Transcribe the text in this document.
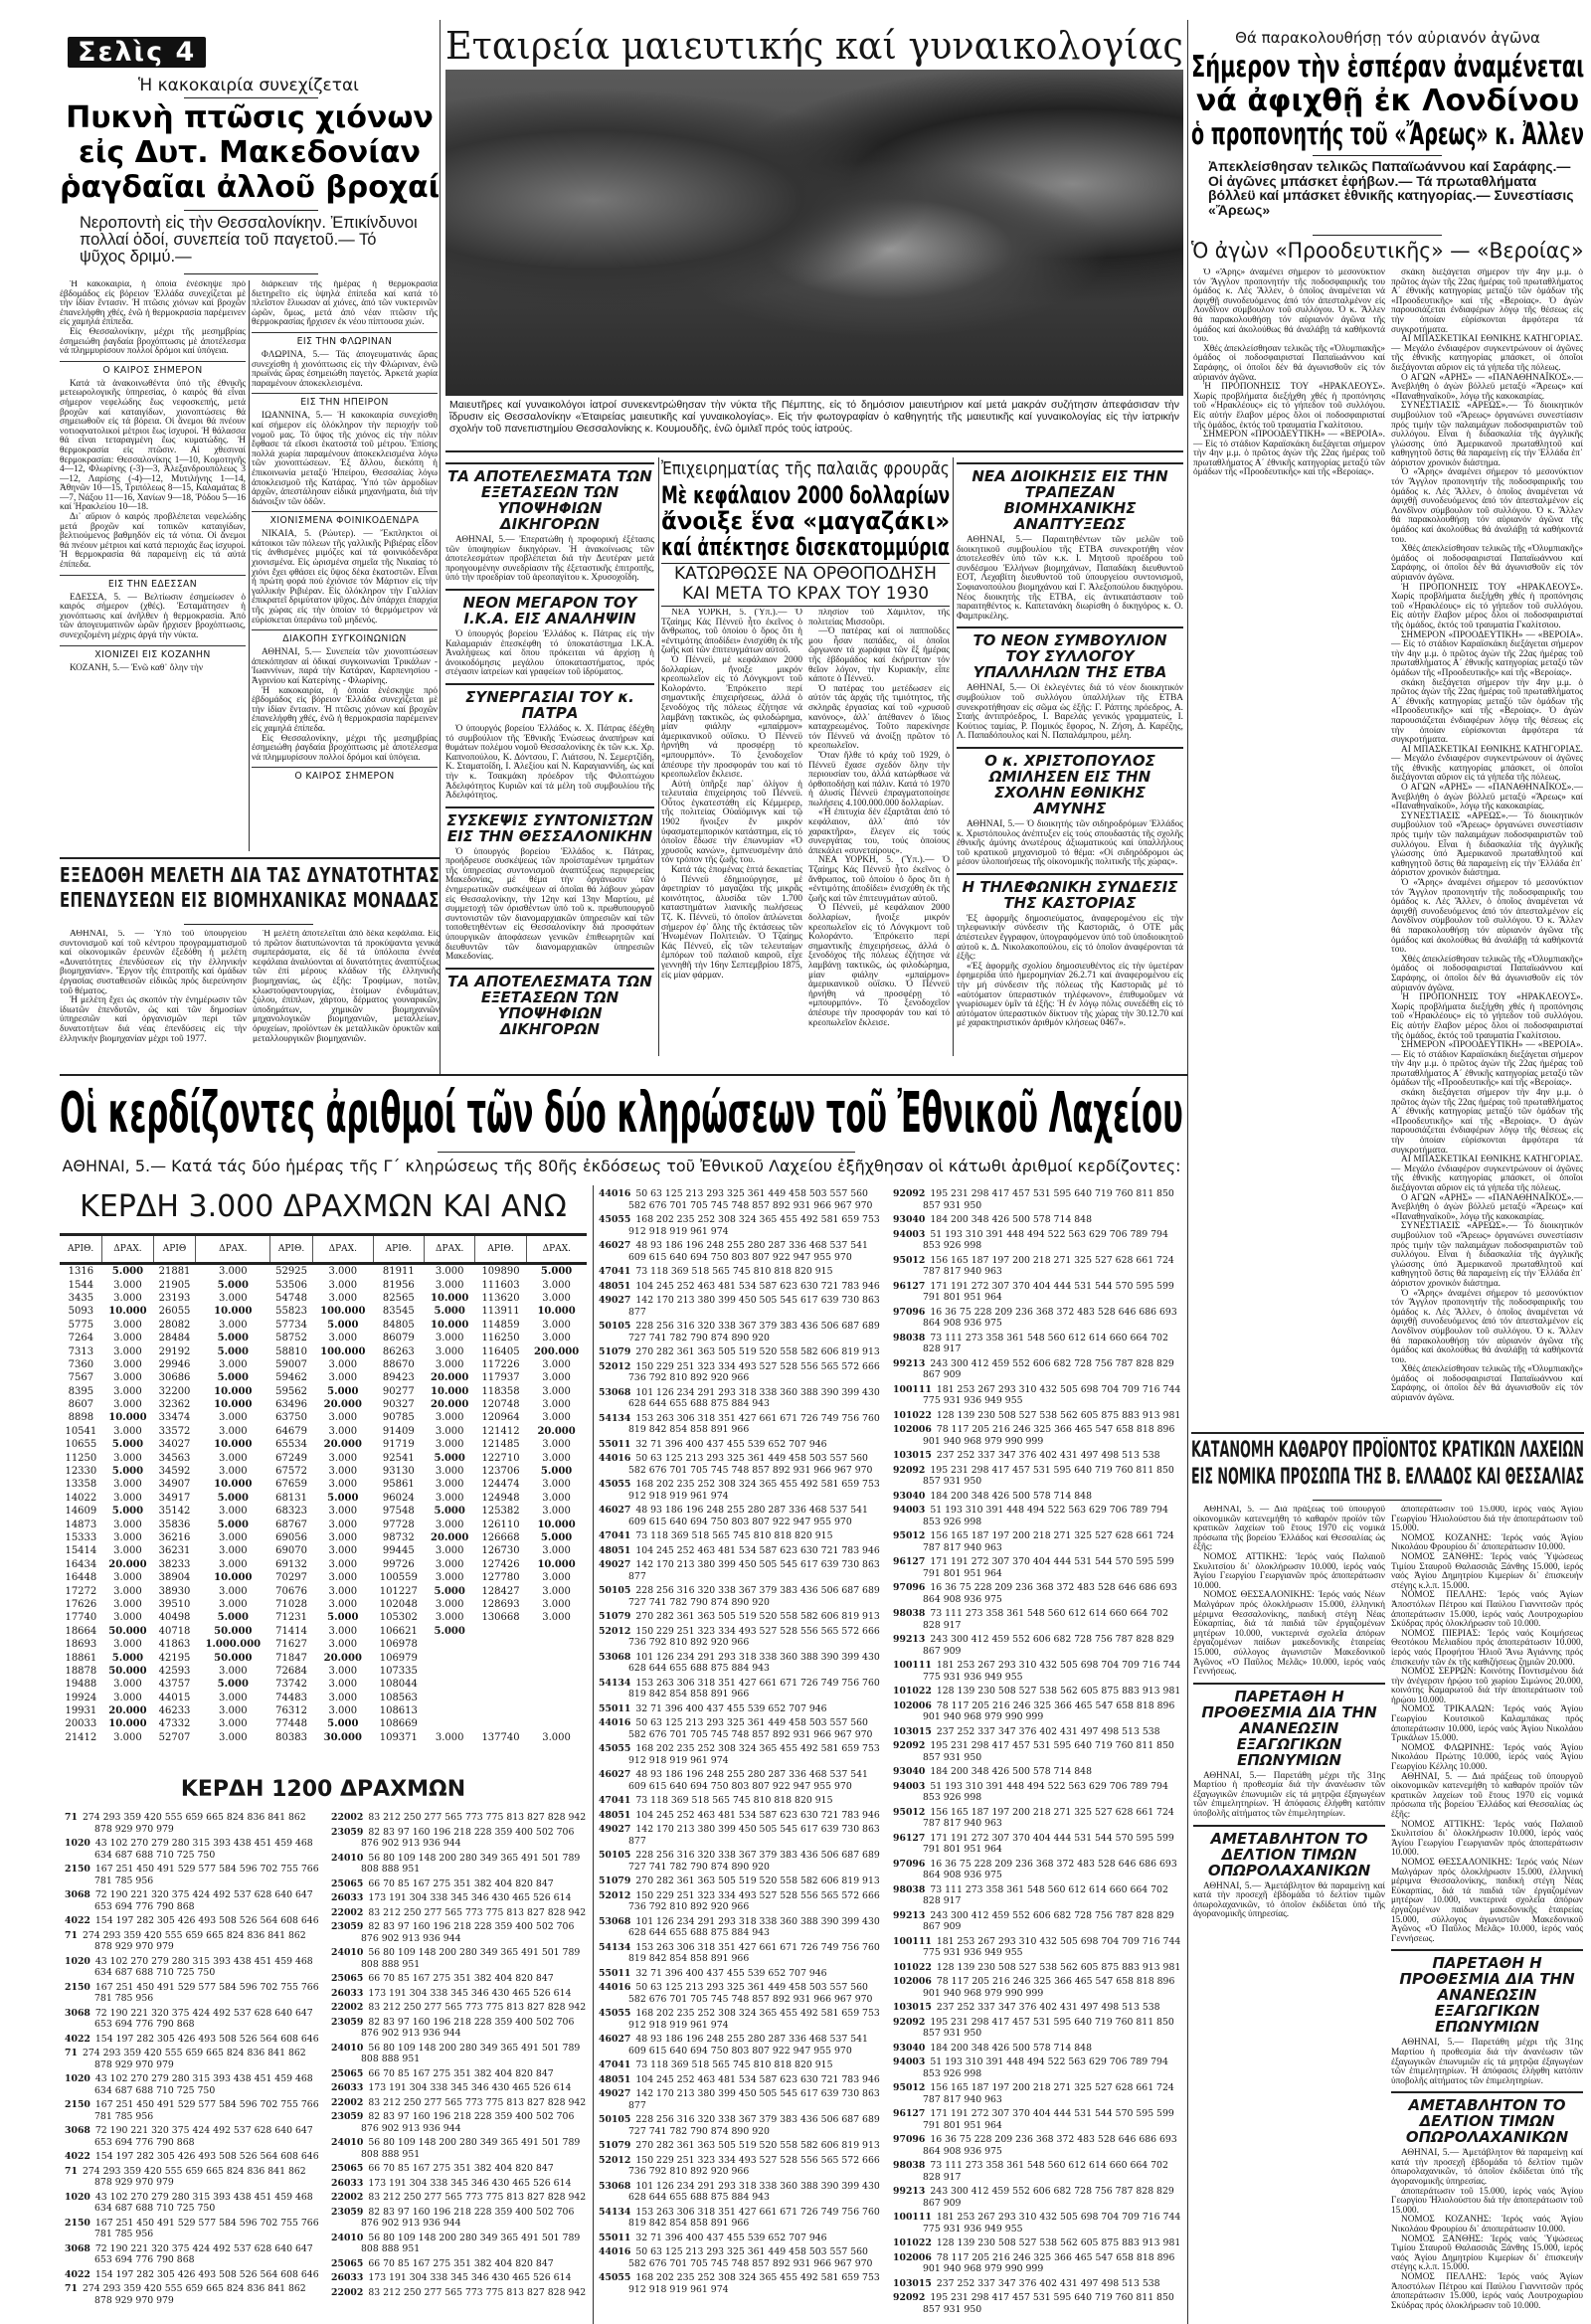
Σελὶς 4
Ἡ κακοκαιρία συνεχίζεται
Πυκνὴ πτῶσις χιόνων
εἰς Δυτ. Μακεδονίαν
ῥαγδαῖαι ἀλλοῦ βροχαί
Νεροποντὴ εἰς τὴν Θεσσαλονίκην. Ἐπικίνδυνοι πολλαί ὁδοί, συνεπεία τοῦ παγετοῦ.— Τό ψῦχος δριμύ.—

Ἡ κακοκαιρία, ἡ ὁποία ἐνέσκηψε πρό ἑβδομάδος εἰς βόρειον Ἑλλάδα συνεχίζεται μὲ τὴν ἰδίαν ἔντασιν. Ἡ πτῶσις χιόνων καί βροχῶν ἐπανελήφθη χθές, ἐνῶ ἡ θερμοκρασία παρέμεινεν εἰς χαμηλά ἐπίπεδα.

Εἰς Θεσσαλονίκην, μέχρι τῆς μεσημβρίας ἐσημειώθη ῥαγδαία βροχόπτωσις μὲ ἀποτέλεσμα νά πλημμυρίσουν πολλοί δρόμοι καί ὑπόγεια.

Ο ΚΑΙΡΟΣ ΣΗΜΕΡΟΝ

Κατά τὰ ἀνακοινωθέντα ὑπό τῆς ἐθνικῆς μετεωρολογικῆς ὑπηρεσίας, ὁ καιρός θά εἶναι σήμερον νεφελώδης ἕως νεφοσκεπής, μετά βροχῶν καί καταιγίδων, χιονοπτώσεις θά σημειωθοῦν εἰς τά βόρεια. Οἱ ἄνεμοι θά πνέουν νοτιοανατολικοί μέτριοι ἕως ἰσχυροί. Ἡ θάλασσα θά εἶναι τεταραγμένη ἕως κυματώδης. Ἡ θερμοκρασία εἰς πτῶσιν. Αἱ χθεσιναί θερμοκρασίαι: Θεσσαλονίκης 1—10, Κομοτηνῆς 4—12, Φλωρίνης (-3)—3, Ἀλεξανδρουπόλεως 3—12, Λαρίσης (-4)—12, Μυτιλήνης 1—14, Ἀθηνῶν 10—15, Τριπόλεως 8—15, Καλαμάτας 8—7, Νάξου 11—16, Χανίων 9—18, Ῥόδου 5—16 καί Ἡρακλείου 10—18.

Δι᾽ αὔριον ὁ καιρός προβλέπεται νεφελώδης μετά βροχῶν καί τοπικῶν καταιγίδων, βελτιούμενος βαθμηδόν εἰς τά νότια. Οἱ ἄνεμοι θά πνέουν μέτριοι καί κατά περιοχάς ἕως ἰσχυροί. Ἡ θερμοκρασία θά παραμείνῃ εἰς τά αὐτά ἐπίπεδα.

ΕΙΣ ΤΗΝ ΕΔΕΣΣΑΝ

ΕΔΕΣΣΑ, 5. — Βελτίωσιν ἐσημείωσεν ὁ καιρός σήμερον (χθές). Ἐσταμάτησεν ἡ χιονόπτωσις καί ἀνῆλθεν ἡ θερμοκρασία. Ἀπό τῶν ἀπογευματινῶν ὡρῶν ἤρχισεν βροχόπτωσις, συνεχιζομένη μέχρις ἀργά τὴν νύκτα.

ΧΙΟΝΙΖΕΙ ΕΙΣ ΚΟΖΑΝΗΝ

ΚΟΖΑΝΗ, 5.— Ἐνῶ καθ᾽ ὅλην τὴν

διάρκειαν τῆς ἡμέρας ἡ θερμοκρασία διετηρεῖτο εἰς ὑψηλά ἐπίπεδα καί κατά τό πλεῖστον ἔλυωσαν αἱ χιόνες, ἀπό τῶν νυκτερινῶν ὡρῶν, ὅμως, μετά ἀπό νέαν πτῶσιν τῆς θερμοκρασίας ἤρχισεν ἐκ νέου πίπτουσα χιών.

ΕΙΣ ΤΗΝ ΦΛΩΡΙΝΑΝ

ΦΛΩΡΙΝΑ, 5.— Τάς ἀπογευματινάς ὥρας συνεχίσθη ἡ χιονόπτωσις εἰς τὴν Φλώριναν, ἐνῶ πρωϊνάς ὥρας ἐσημειώθη παγετός. Ἀρκετά χωρία παραμένουν ἀποκεκλεισμένα.

ΕΙΣ ΤΗΝ ΗΠΕΙΡΟΝ

ΙΩΑΝΝΙΝΑ, 5.— Ἡ κακοκαιρία συνεχίσθη καί σήμερον εἰς ὁλόκληρον τὴν περιοχήν τοῦ νομοῦ μας. Τό ὕψος τῆς χιόνος εἰς τὴν πόλιν ἔφθασε τά εἴκοσι ἑκατοστά τοῦ μέτρου. Ἐπίσης πολλά χωρία παραμένουν ἀποκεκλεισμένα λόγω τῶν χιονοπτώσεων. Ἐξ ἄλλου, διεκόπη ἡ ἐπικοινωνία μεταξύ Ἠπείρου, Θεσσαλίας λόγω ἀποκλεισμοῦ τῆς Κατάρας. Ὑπό τῶν ἁρμοδίων ἀρχῶν, ἀπεστάλησαν εἰδικά μηχανήματα, διά τὴν διάνοιξιν τῶν ὁδῶν.

ΧΙΟΝΙΣΜΕΝΑ ΦΟΙΝΙΚΟΔΕΝΔΡΑ

ΝΙΚΑΙΑ, 5. (Ρώυτερ). — Ἔκπληκτοι οἱ κάτοικοι τῶν πόλεων τῆς γαλλικῆς Ριβιέρας εἶδον τίς ἀνθισμένες μιμόζες καί τά φοινικόδενδρα χιονισμένα. Εἰς ὡρισμένα σημεῖα τῆς Νικαίας τό χιόνι ἔχει φθάσει εἰς ὕψος δέκα ἑκατοστῶν. Εἶναι ἡ πρώτη φορά πού ἐχιόνισε τόν Μάρτιον εἰς τὴν γαλλικήν Ριβιέραν. Εἰς ὁλόκληρον τὴν Γαλλίαν ἐπικρατεῖ δριμύτατον ψῦχος. Δέν ὑπάρχει ἐπαρχία τῆς χώρας εἰς τὴν ὁποίαν τό θερμόμετρον νά εὑρίσκεται ὑπεράνω τοῦ μηδενός.

ΔΙΑΚΟΠΗ ΣΥΓΚΟΙΝΩΝΙΩΝ

ΑΘΗΝΑΙ, 5.— Συνεπεία τῶν χιονοπτώσεων ἀπεκόπησαν αἱ ὁδικαί συγκοινωνίαι Τρικάλων - Ἰωαννίνων, παρά τὴν Κατάραν, Καρπενησίου - Ἀγρινίου καί Κατερίνης - Φλωρίνης.

Ἡ κακοκαιρία, ἡ ὁποία ἐνέσκηψε πρό ἑβδομάδος εἰς βόρειον Ἑλλάδα συνεχίζεται μὲ τὴν ἰδίαν ἔντασιν. Ἡ πτῶσις χιόνων καί βροχῶν ἐπανελήφθη χθές, ἐνῶ ἡ θερμοκρασία παρέμεινεν εἰς χαμηλά ἐπίπεδα.

Εἰς Θεσσαλονίκην, μέχρι τῆς μεσημβρίας ἐσημειώθη ῥαγδαία βροχόπτωσις μὲ ἀποτέλεσμα νά πλημμυρίσουν πολλοί δρόμοι καί ὑπόγεια.

Ο ΚΑΙΡΟΣ ΣΗΜΕΡΟΝ
ΕΞΕΔΟΘΗ ΜΕΛΕΤΗ ΔΙΑ ΤΑΣ ΔΥΝΑΤΟΤΗΤΑΣ
ΕΠΕΝΔΥΣΕΩΝ ΕΙΣ ΒΙΟΜΗΧΑΝΙΚΑΣ ΜΟΝΑΔΑΣ

ΑΘΗΝΑΙ, 5. — Ὑπό τοῦ ὑπουργείου συντονισμοῦ καί τοῦ κέντρου προγραμματισμοῦ καί οἰκονομικῶν ἐρευνῶν ἐξεδόθη ἡ μελέτη «Δυνατότητες ἐπενδύσεων εἰς τὴν ἑλληνικήν βιομηχανίαν». Ἔργον τῆς ἐπιτροπῆς καί ὁμάδων ἐργασίας συσταθεισῶν εἰδικῶς πρός διερεύνησιν τοῦ θέματος.

Ἡ μελέτη ἔχει ὡς σκοπόν τὴν ἐνημέρωσιν τῶν ἰδιωτῶν ἐπενδυτῶν, ὡς καί τῶν δημοσίων ὑπηρεσιῶν καί ὀργανισμῶν περί τῶν δυνατοτήτων διά νέας ἐπενδύσεις εἰς τὴν ἑλληνικήν βιομηχανίαν μέχρι τοῦ 1977.

Ἡ μελέτη ἀποτελεῖται ἀπό δέκα κεφάλαια. Εἰς τό πρῶτον διατυπώνονται τά προκύψαντα γενικά συμπεράσματα, εἰς δέ τά ὑπόλοιπα ἐννέα κεφάλαια ἀναλύονται αἱ δυνατότητες ἀναπτύξεως τῶν ἐπί μέρους κλάδων τῆς ἑλληνικῆς βιομηχανίας, ὡς ἑξῆς: Τροφίμων, ποτῶν, κλωστοϋφαντουργίας, ἑτοίμων ἐνδυμάτων, ξύλου, ἐπίπλων, χάρτου, δέρματος γουναρικῶν, ὑποδημάτων, χημικῶν βιομηχανιῶν μηχανολογικῶν βιομηχανιῶν, μεταλλείων, ὀρυχείων, προϊόντων ἐκ μεταλλικῶν ὀρυκτῶν καί μεταλλουργικῶν βιομηχανιῶν.

Εταιρεία μαιευτικής καί γυναικολογίας
Μαιευτῆρες καί γυναικολόγοι ἰατροί συνεκεντρώθησαν τὴν νύκτα τῆς Πέμπτης, εἰς τό δημόσιον μαιευτήριον καί μετά μακράν συζήτησιν ἀπεφάσισαν τὴν ἵδρυσιν εἰς Θεσσαλονίκην «Ἑταιρείας μαιευτικῆς καί γυναικολογίας». Εἰς τήν φωτογραφίαν ὁ καθηγητής τῆς μαιευτικῆς καί γυναικολογίας εἰς τὴν ἰατρικήν σχολήν τοῦ πανεπιστημίου Θεσσαλονίκης κ. Κουμουδῆς, ἐνῶ ὁμιλεῖ πρός τούς ἰατρούς.
ΤΑ ΑΠΟΤΕΛΕΣΜΑΤΑ ΤΩΝ ΕΞΕΤΑΣΕΩΝ ΤΩΝ ΥΠΟΨΗΦΙΩΝ ΔΙΚΗΓΟΡΩΝ

ΑΘΗΝΑΙ, 5.— Ἐπερατώθη ἡ προφορική ἐξέτασις τῶν ὑποψηφίων δικηγόρων. Ἡ ἀνακοίνωσις τῶν ἀποτελεσμάτων προβλέπεται διά τὴν Δευτέραν μετά προηγουμένην συνεδρίασιν τῆς ἐξεταστικῆς ἐπιτροπῆς, ὑπό τὴν προεδρίαν τοῦ ἀρεοπαγίτου κ. Χρυσοχοΐδη.

ΝΕΟΝ ΜΕΓΑΡΟΝ ΤΟΥ Ι.Κ.Α. ΕΙΣ ΑΝΑΛΗΨΙΝ

Ὁ ὑπουργός βορείου Ἑλλάδος κ. Πάτρας εἰς τήν Καλαμαριάν ἐπεσκέφθη τό ὑποκατάστημα Ι.Κ.Α. Ἀναλήψεως καί ὅπου πρόκειται νά ἀρχίσῃ ἡ ἀνοικοδόμησις μεγάλου ὑποκαταστήματος, πρός στέγασιν ἰατρείων καί γραφείων τοῦ ἱδρύματος.

ΣΥΝΕΡΓΑΣΙΑΙ ΤΟΥ κ. ΠΑΤΡΑ

Ὁ ὑπουργός βορείου Ἑλλάδος κ. Χ. Πάτρας ἐδέχθη τό συμβούλιον τῆς Ἐθνικῆς Ἑνώσεως ἀναπήρων καί θυμάτων πολέμου νομοῦ Θεσσαλονίκης ἐκ τῶν κ.κ. Χρ. Καπνοπούλου, Κ. Δόντσου, Γ. Λιάτσου, Ν. Σεμερτζίδη, Κ. Σταματοΐδη, Ι. Ἀλεξίου καί Ν. Καραγιαννίδη, ὡς καί τὴν κ. Τσακμάκη πρόεδρον τῆς Φιλοπτώχου Ἀδελφότητος Κυριῶν καί τά μέλη τοῦ συμβουλίου τῆς Ἀδελφότητος.

ΣΥΣΚΕΨΙΣ ΣΥΝΤΟΝΙΣΤΩΝ ΕΙΣ ΤΗΝ ΘΕΣΣΑΛΟΝΙΚΗΝ

Ὁ ὑπουργός βορείου Ἑλλάδος κ. Πάτρας, προήδρευσε συσκέψεως τῶν προϊσταμένων τμημάτων τῆς ὑπηρεσίας συντονισμοῦ ἀναπτύξεως περιφερείας Μακεδονίας, μέ θέμα τὴν ὀργάνωσιν τῶν ἐνημερωτικῶν συσκέψεων αἱ ὁποῖαι θά λάβουν χώραν εἰς Θεσσαλονίκην, τὴν 12ην καί 13ην Μαρτίου, μέ συμμετοχή τῶν ὁρισθέντων ὑπό τοῦ κ. πρωθυπουργοῦ συντονιστῶν τῶν διανομαρχιακῶν ὑπηρεσιῶν καί τῶν τοποθετηθέντων εἰς Θεσσαλονίκην διά προσφάτων ὑπουργικῶν ἀποφάσεων γενικῶν ἐπιθεωρητῶν καί διευθυντῶν τῶν διανομαρχιακῶν ὑπηρεσιῶν Μακεδονίας.

ΤΑ ΑΠΟΤΕΛΕΣΜΑΤΑ ΤΩΝ ΕΞΕΤΑΣΕΩΝ ΤΩΝ ΥΠΟΨΗΦΙΩΝ ΔΙΚΗΓΟΡΩΝ
Ἐπιχειρηματίας τῆς παλαιᾶς φρουρᾶς
Μὲ κεφάλαιον 2000 δολλαρίων
ἄνοιξε ἕνα «μαγαζάκι»
καί ἀπέκτησε δισεκατομμύρια
ΚΑΤΩΡΘΩΣΕ ΝΑ ΟΡΘΟΠΟΔΗΣΗ
ΚΑΙ ΜΕΤΑ ΤΟ ΚΡΑΧ ΤΟΥ 1930

ΝΕΑ ΥΟΡΚΗ, 5. (Ὑπ.).— Ὁ Τζαίημς Κάς Πέννεϋ ἦτο ἐκεῖνος ὁ ἄνθρωπος, τοῦ ὁποίου ὁ ὅρος ὅτι ἡ «ἐντιμότης ἀποδίδει» ἐνισχύθη ἐκ τῆς ζωῆς καί τῶν ἐπιτευγμάτων αὐτοῦ.

Ὁ Πέννεϋ, μέ κεφάλαιον 2000 δολλαρίων, ἤνοιξε μικρόν κρεοπωλεῖον εἰς τό Λόνγκμοντ τοῦ Κολοράντο. Ἐπρόκειτο περί σημαντικῆς ἐπιχειρήσεως, ἀλλά ὁ ξενοδόχος τῆς πόλεως ἐζήτησε νά λαμβάνῃ τακτικῶς, ὡς φιλοδώρημα, μίαν φιάλην «μπαίρμον» ἀμερικανικοῦ οὐΐσκυ. Ὁ Πέννεϋ ἠρνήθη νά προσφέρῃ τό «μπουρμπόν». Τό ξενοδοχεῖον ἀπέσυρε τὴν προσφοράν του καί τό κρεοπωλεῖον ἔκλεισε.

Αὐτή ὑπῆρξε παρ᾽ ὀλίγον ἡ τελευταία ἐπιχείρησις τοῦ Πέννεϋ. Οὗτος ἐγκατεστάθη εἰς Κέμμερερ, τῆς πολιτείας Οὐαϊόμινγκ καί τῷ 1902 ἤνοιξεν ἕν μικρόν ὑφασματεμπορικόν κατάστημα, εἰς τό ὁποῖον ἔδωσε τὴν ἐπωνυμίαν «Ὁ χρυσοῦς κανών», ἐμπνευσμένην ἀπό τόν τρόπον τῆς ζωῆς του.

Κατά τάς ἑπομένας ἑπτά δεκαετίας ὁ Πέννεϋ ἐδημιούργησε, μέ ἀφετηρίαν τό μαγαζάκι τῆς μικρᾶς κοινότητος, ἁλυσίδα τῶν 1.700 καταστημάτων λιανικῆς πωλήσεως Τζ. Κ. Πέννεϋ, τό ὁποῖον ἁπλώνεται σήμερον ἐφ᾽ ὅλης τῆς ἐκτάσεως τῶν Ἡνωμένων Πολιτειῶν. Ὁ Τζαίημς Κάς Πέννεϋ, εἷς τῶν τελευταίων ἐμπόρων τοῦ παλαιοῦ καιροῦ, εἶχε γεννηθῆ τὴν 16ην Σεπτεμβρίου 1875, εἰς μίαν φάρμαν.

πλησίον τοῦ Χάμιλτον, τῆς πολιτείας Μισσοῦρι.

—Ὁ πατέρας καί οἱ παπποῦδες μου ἦσαν παπάδες, οἱ ὁποῖοι ὤργωναν τά χωράφια τῶν ἕξ ἡμέρας τῆς ἑβδομάδος καί ἐκήρυτταν τόν θεῖον λόγον, τὴν Κυριακήν, εἶπε κάποτε ὁ Πέννεϋ.

Ὁ πατέρας του μετέδωσεν εἰς αὐτόν τάς ἀρχάς τῆς τιμιότητος, τῆς σκληρᾶς ἐργασίας καί τοῦ «χρυσοῦ κανόνος», ἀλλ᾽ ἀπέθανεν ὁ ἴδιος καταχρεωμένος. Τοῦτο παρεκίνησε τόν Πέννεϋ νά ἀνοίξῃ πρῶτον τό κρεοπωλεῖον.

Ὅταν ἤλθε τό κράχ τοῦ 1929, ὁ Πέννεϋ ἔχασε σχεδόν ὅλην τὴν περιουσίαν του, ἀλλά κατώρθωσε νά ὀρθοποδήσῃ καί πάλιν. Κατά τό 1970 ἡ ἁλυσίς Πέννεϋ ἐπραγματοποίησε πωλήσεις 4.100.000.000 δολλαρίων.

«Ἡ ἐπιτυχία δέν ἐξαρτᾶται ἀπό τό κεφάλαιον, ἀλλ᾽ ἀπό τόν χαρακτῆρα», ἔλεγεν εἰς τούς συνεργάτας του, τούς ὁποίους ἀπεκάλει «συνεταίρους».

ΝΕΑ ΥΟΡΚΗ, 5. (Ὑπ.).— Ὁ Τζαίημς Κάς Πέννεϋ ἦτο ἐκεῖνος ὁ ἄνθρωπος, τοῦ ὁποίου ὁ ὅρος ὅτι ἡ «ἐντιμότης ἀποδίδει» ἐνισχύθη ἐκ τῆς ζωῆς καί τῶν ἐπιτευγμάτων αὐτοῦ.

Ὁ Πέννεϋ, μέ κεφάλαιον 2000 δολλαρίων, ἤνοιξε μικρόν κρεοπωλεῖον εἰς τό Λόνγκμοντ τοῦ Κολοράντο. Ἐπρόκειτο περί σημαντικῆς ἐπιχειρήσεως, ἀλλά ὁ ξενοδόχος τῆς πόλεως ἐζήτησε νά λαμβάνῃ τακτικῶς, ὡς φιλοδώρημα, μίαν φιάλην «μπαίρμον» ἀμερικανικοῦ οὐΐσκυ. Ὁ Πέννεϋ ἠρνήθη νά προσφέρῃ τό «μπουρμπόν». Τό ξενοδοχεῖον ἀπέσυρε τὴν προσφοράν του καί τό κρεοπωλεῖον ἔκλεισε.

ΝΕΑ ΔΙΟΙΚΗΣΙΣ ΕΙΣ ΤΗΝ ΤΡΑΠΕΖΑΝ ΒΙΟΜΗΧΑΝΙΚΗΣ ΑΝΑΠΤΥΞΕΩΣ

ΑΘΗΝΑΙ, 5.— Παραιτηθέντων τῶν μελῶν τοῦ διοικητικοῦ συμβουλίου τῆς ΕΤΒΑ συνεκροτήθη νέον ἀποτελεσθέν ὑπό τῶν κ.κ. Ι. Μητσοῦ προέδρου τοῦ συνδέσμου Ἑλλήνων βιομηχάνων, Παπαδάκη διευθυντοῦ ΕΟΤ, Λεχαβίτη διευθυντοῦ τοῦ ὑπουργείου συντονισμοῦ, Σοφιανοπούλου βιομηχάνου καί Γ. Ἀλεξοπούλου δικηγόρου. Νέος διοικητής τῆς ΕΤΒΑ, εἰς ἀντικατάστασιν τοῦ παραιτηθέντος κ. Καπετανάκη διωρίσθη ὁ δικηγόρος κ. Ο. Φαμπρικέλης.

ΤΟ ΝΕΟΝ ΣΥΜΒΟΥΛΙΟΝ ΤΟΥ ΣΥΛΛΟΓΟΥ ΥΠΑΛΛΗΛΩΝ ΤΗΣ ΕΤΒΑ

ΑΘΗΝΑΙ, 5.— Οἱ ἐκλεγέντες διά τό νέον διοικητικόν συμβούλιον τοῦ συλλόγου ὑπαλλήλων τῆς ΕΤΒΑ συνεκροτήθησαν εἰς σῶμα ὡς ἑξῆς: Γ. Ράπτης πρόεδρος, Α. Σταής ἀντιπρόεδρος, Ι. Βαρελάς γενικός γραμματεύς, Ι. Κούτιος ταμίας, Ρ. Πομικός ἔφορος, Ν. Ζήση, Δ. Καρέζης, Λ. Παπαδόπουλος καί Ν. Παπαλάμπρου, μέλη.

Ο κ. ΧΡΙΣΤΟΠΟΥΛΟΣ ΩΜΙΛΗΣΕΝ ΕΙΣ ΤΗΝ ΣΧΟΛΗΝ ΕΘΝΙΚΗΣ ΑΜΥΝΗΣ

ΑΘΗΝΑΙ, 5.— Ὁ διοικητής τῶν σιδηροδρόμων Ἑλλάδος κ. Χριστόπουλος ἀνέπτυξεν εἰς τούς σπουδαστάς τῆς σχολῆς ἐθνικῆς ἀμύνης ἀνωτέρους ἀξιωματικούς καί ὑπαλλήλους τοῦ κρατικοῦ μηχανισμοῦ τό θέμα: «Οἱ σιδηρόδρομοι ὡς μέσον ὑλοποιήσεως τῆς οἰκονομικῆς πολιτικῆς τῆς χώρας».

Η ΤΗΛΕΦΩΝΙΚΗ ΣΥΝΔΕΣΙΣ ΤΗΣ ΚΑΣΤΟΡΙΑΣ

Ἐξ ἀφορμῆς δημοσιεύματος, ἀναφερομένου εἰς τὴν τηλεφωνικήν σύνδεσιν τῆς Καστοριᾶς, ὁ ΟΤΕ μᾶς ἀπέστειλεν ἔγγραφον, ὑπογραφόμενον ὑπό τοῦ ὑποδιοικητοῦ αὐτοῦ κ. Δ. Νικολακοπούλου, εἰς τό ὁποῖον ἀναφέρονται τά ἑξῆς:

«Ἐξ ἀφορμῆς σχολίου δημοσιευθέντος εἰς τὴν ὑμετέραν ἐφημερίδα ὑπό ἡμερομηνίαν 26.2.71 καί ἀναφερομένου εἰς τὴν μή σύνδεσιν τῆς πόλεως τῆς Καστοριᾶς μέ τό «αὐτόματον ὑπεραστικόν τηλέφωνον», ἐπιθυμοῦμεν νά γνωρίσωμεν ὑμῖν τά ἑξῆς: Ἡ ἐν λόγῳ πόλις συνεδέθη εἰς τό αὐτόματον ὑπεραστικόν δίκτυον τῆς χώρας τὴν 30.12.70 καί μέ χαρακτηριστικόν ἀριθμόν κλήσεως 0467».

Θά παρακολουθήσῃ τόν αὐριανόν ἀγῶνα
Σήμερον τὴν ἑσπέραν ἀναμένεται
νά ἀφιχθῇ ἐκ Λονδίνου
ὁ προπονητής τοῦ «Ἄρεως» κ. Ἀλλεν
Ἀπεκλείσθησαν τελικῶς Παπαϊωάννου καί Σαράφης.— Οἱ ἀγῶνες μπάσκετ ἐφήβων.— Τά πρωταθλήματα βόλλεϋ καί μπάσκετ ἐθνικῆς κατηγορίας.— Συνεστίασις «Ἄρεως»
Ὁ ἀγὼν «Προοδευτικῆς» — «Βεροίας»

Ὁ «Ἄρης» ἀναμένει σήμερον τό μεσονύκτιον τόν Ἄγγλον προπονητήν τῆς ποδοσφαιρικῆς του ὁμάδος κ. Λές Ἄλλεν, ὁ ὁποῖος ἀναμένεται νά ἀφιχθῇ συνοδευόμενος ἀπό τόν ἀπεσταλμένον εἰς Λονδῖνον σύμβουλον τοῦ συλλόγου. Ὁ κ. Ἄλλεν θά παρακολουθήσῃ τόν αὐριανόν ἀγῶνα τῆς ὁμάδος καί ἀκολούθως θά ἀναλάβῃ τά καθήκοντά του.

Χθές ἀπεκλείσθησαν τελικῶς τῆς «Ὀλυμπιακῆς» ὁμάδος οἱ ποδοσφαιρισταί Παπαϊωάννου καί Σαράφης, οἱ ὁποῖοι δέν θά ἀγωνισθοῦν εἰς τόν αὐριανόν ἀγῶνα.

Ἡ ΠΡΟΠΟΝΗΣΙΣ ΤΟΥ «ΗΡΑΚΛΕΟΥΣ». Χωρίς προβλήματα διεξήχθη χθές ἡ προπόνησις τοῦ «Ἡρακλέους» εἰς τό γήπεδον τοῦ συλλόγου. Εἰς αὐτήν ἔλαβον μέρος ὅλοι οἱ ποδοσφαιρισταί τῆς ὁμάδος, ἐκτός τοῦ τραυματία Γκαλίτσιου.

ΣΗΜΕΡΟΝ «ΠΡΟΟΔΕΥΤΙΚΗ» — «ΒΕΡΟΙΑ».— Εἰς τό στάδιον Καραϊσκάκη διεξάγεται σήμερον τὴν 4ην μ.μ. ὁ πρῶτος ἀγὼν τῆς 22ας ἡμέρας τοῦ πρωταθλήματος Α΄ ἐθνικῆς κατηγορίας μεταξύ τῶν ὁμάδων τῆς «Προοδευτικῆς» καί τῆς «Βεροίας».

σκάκη διεξάγεται σήμερον τὴν 4ην μ.μ. ὁ πρῶτος ἀγὼν τῆς 22ας ἡμέρας τοῦ πρωταθλήματος Α΄ ἐθνικῆς κατηγορίας μεταξύ τῶν ὁμάδων τῆς «Προοδευτικῆς» καί τῆς «Βεροίας». Ὁ ἀγὼν παρουσιάζεται ἐνδιαφέρων λόγῳ τῆς θέσεως εἰς τὴν ὁποίαν εὑρίσκονται ἀμφότερα τά συγκροτήματα.

ΑΙ ΜΠΑΣΚΕΤΙΚΑΙ ΕΘΝΙΚΗΣ ΚΑΤΗΓΟΡΙΑΣ.— Μεγάλο ἐνδιαφέρον συγκεντρώνουν οἱ ἀγῶνες τῆς ἐθνικῆς κατηγορίας μπάσκετ, οἱ ὁποῖοι διεξάγονται αὔριον εἰς τά γήπεδα τῆς πόλεως.

Ο ΑΓΩΝ «ΑΡΗΣ» — «ΠΑΝΑΘΗΝΑΪΚΟΣ».— Ἀνεβλήθη ὁ ἀγὼν βόλλεϋ μεταξύ «Ἄρεως» καί «Παναθηναϊκοῦ», λόγῳ τῆς κακοκαιρίας.

ΣΥΝΕΣΤΙΑΣΙΣ «ΑΡΕΩΣ».— Τό διοικητικόν συμβούλιον τοῦ «Ἄρεως» ὀργανώνει συνεστίασιν πρός τιμήν τῶν παλαιμάχων ποδοσφαιριστῶν τοῦ συλλόγου. Εἶναι ἡ διδασκαλία τῆς ἀγγλικῆς γλώσσης ὑπό Ἀμερικανοῦ πρωταθλητοῦ καί καθηγητοῦ ὅστις θά παραμείνῃ εἰς τὴν Ἑλλάδα ἐπ᾽ ἀόριστον χρονικόν διάστημα.

Ὁ «Ἄρης» ἀναμένει σήμερον τό μεσονύκτιον τόν Ἄγγλον προπονητήν τῆς ποδοσφαιρικῆς του ὁμάδος κ. Λές Ἄλλεν, ὁ ὁποῖος ἀναμένεται νά ἀφιχθῇ συνοδευόμενος ἀπό τόν ἀπεσταλμένον εἰς Λονδῖνον σύμβουλον τοῦ συλλόγου. Ὁ κ. Ἄλλεν θά παρακολουθήσῃ τόν αὐριανόν ἀγῶνα τῆς ὁμάδος καί ἀκολούθως θά ἀναλάβῃ τά καθήκοντά του.

Χθές ἀπεκλείσθησαν τελικῶς τῆς «Ὀλυμπιακῆς» ὁμάδος οἱ ποδοσφαιρισταί Παπαϊωάννου καί Σαράφης, οἱ ὁποῖοι δέν θά ἀγωνισθοῦν εἰς τόν αὐριανόν ἀγῶνα.

Ἡ ΠΡΟΠΟΝΗΣΙΣ ΤΟΥ «ΗΡΑΚΛΕΟΥΣ». Χωρίς προβλήματα διεξήχθη χθές ἡ προπόνησις τοῦ «Ἡρακλέους» εἰς τό γήπεδον τοῦ συλλόγου. Εἰς αὐτήν ἔλαβον μέρος ὅλοι οἱ ποδοσφαιρισταί τῆς ὁμάδος, ἐκτός τοῦ τραυματία Γκαλίτσιου.

ΣΗΜΕΡΟΝ «ΠΡΟΟΔΕΥΤΙΚΗ» — «ΒΕΡΟΙΑ».— Εἰς τό στάδιον Καραϊσκάκη διεξάγεται σήμερον τὴν 4ην μ.μ. ὁ πρῶτος ἀγὼν τῆς 22ας ἡμέρας τοῦ πρωταθλήματος Α΄ ἐθνικῆς κατηγορίας μεταξύ τῶν ὁμάδων τῆς «Προοδευτικῆς» καί τῆς «Βεροίας».

σκάκη διεξάγεται σήμερον τὴν 4ην μ.μ. ὁ πρῶτος ἀγὼν τῆς 22ας ἡμέρας τοῦ πρωταθλήματος Α΄ ἐθνικῆς κατηγορίας μεταξύ τῶν ὁμάδων τῆς «Προοδευτικῆς» καί τῆς «Βεροίας». Ὁ ἀγὼν παρουσιάζεται ἐνδιαφέρων λόγῳ τῆς θέσεως εἰς τὴν ὁποίαν εὑρίσκονται ἀμφότερα τά συγκροτήματα.

ΑΙ ΜΠΑΣΚΕΤΙΚΑΙ ΕΘΝΙΚΗΣ ΚΑΤΗΓΟΡΙΑΣ.— Μεγάλο ἐνδιαφέρον συγκεντρώνουν οἱ ἀγῶνες τῆς ἐθνικῆς κατηγορίας μπάσκετ, οἱ ὁποῖοι διεξάγονται αὔριον εἰς τά γήπεδα τῆς πόλεως.

Ο ΑΓΩΝ «ΑΡΗΣ» — «ΠΑΝΑΘΗΝΑΪΚΟΣ».— Ἀνεβλήθη ὁ ἀγὼν βόλλεϋ μεταξύ «Ἄρεως» καί «Παναθηναϊκοῦ», λόγῳ τῆς κακοκαιρίας.

ΣΥΝΕΣΤΙΑΣΙΣ «ΑΡΕΩΣ».— Τό διοικητικόν συμβούλιον τοῦ «Ἄρεως» ὀργανώνει συνεστίασιν πρός τιμήν τῶν παλαιμάχων ποδοσφαιριστῶν τοῦ συλλόγου. Εἶναι ἡ διδασκαλία τῆς ἀγγλικῆς γλώσσης ὑπό Ἀμερικανοῦ πρωταθλητοῦ καί καθηγητοῦ ὅστις θά παραμείνῃ εἰς τὴν Ἑλλάδα ἐπ᾽ ἀόριστον χρονικόν διάστημα.

Ὁ «Ἄρης» ἀναμένει σήμερον τό μεσονύκτιον τόν Ἄγγλον προπονητήν τῆς ποδοσφαιρικῆς του ὁμάδος κ. Λές Ἄλλεν, ὁ ὁποῖος ἀναμένεται νά ἀφιχθῇ συνοδευόμενος ἀπό τόν ἀπεσταλμένον εἰς Λονδῖνον σύμβουλον τοῦ συλλόγου. Ὁ κ. Ἄλλεν θά παρακολουθήσῃ τόν αὐριανόν ἀγῶνα τῆς ὁμάδος καί ἀκολούθως θά ἀναλάβῃ τά καθήκοντά του.

Χθές ἀπεκλείσθησαν τελικῶς τῆς «Ὀλυμπιακῆς» ὁμάδος οἱ ποδοσφαιρισταί Παπαϊωάννου καί Σαράφης, οἱ ὁποῖοι δέν θά ἀγωνισθοῦν εἰς τόν αὐριανόν ἀγῶνα.

Ἡ ΠΡΟΠΟΝΗΣΙΣ ΤΟΥ «ΗΡΑΚΛΕΟΥΣ». Χωρίς προβλήματα διεξήχθη χθές ἡ προπόνησις τοῦ «Ἡρακλέους» εἰς τό γήπεδον τοῦ συλλόγου. Εἰς αὐτήν ἔλαβον μέρος ὅλοι οἱ ποδοσφαιρισταί τῆς ὁμάδος, ἐκτός τοῦ τραυματία Γκαλίτσιου.

ΣΗΜΕΡΟΝ «ΠΡΟΟΔΕΥΤΙΚΗ» — «ΒΕΡΟΙΑ».— Εἰς τό στάδιον Καραϊσκάκη διεξάγεται σήμερον τὴν 4ην μ.μ. ὁ πρῶτος ἀγὼν τῆς 22ας ἡμέρας τοῦ πρωταθλήματος Α΄ ἐθνικῆς κατηγορίας μεταξύ τῶν ὁμάδων τῆς «Προοδευτικῆς» καί τῆς «Βεροίας».

σκάκη διεξάγεται σήμερον τὴν 4ην μ.μ. ὁ πρῶτος ἀγὼν τῆς 22ας ἡμέρας τοῦ πρωταθλήματος Α΄ ἐθνικῆς κατηγορίας μεταξύ τῶν ὁμάδων τῆς «Προοδευτικῆς» καί τῆς «Βεροίας». Ὁ ἀγὼν παρουσιάζεται ἐνδιαφέρων λόγῳ τῆς θέσεως εἰς τὴν ὁποίαν εὑρίσκονται ἀμφότερα τά συγκροτήματα.

ΑΙ ΜΠΑΣΚΕΤΙΚΑΙ ΕΘΝΙΚΗΣ ΚΑΤΗΓΟΡΙΑΣ.— Μεγάλο ἐνδιαφέρον συγκεντρώνουν οἱ ἀγῶνες τῆς ἐθνικῆς κατηγορίας μπάσκετ, οἱ ὁποῖοι διεξάγονται αὔριον εἰς τά γήπεδα τῆς πόλεως.

Ο ΑΓΩΝ «ΑΡΗΣ» — «ΠΑΝΑΘΗΝΑΪΚΟΣ».— Ἀνεβλήθη ὁ ἀγὼν βόλλεϋ μεταξύ «Ἄρεως» καί «Παναθηναϊκοῦ», λόγῳ τῆς κακοκαιρίας.

ΣΥΝΕΣΤΙΑΣΙΣ «ΑΡΕΩΣ».— Τό διοικητικόν συμβούλιον τοῦ «Ἄρεως» ὀργανώνει συνεστίασιν πρός τιμήν τῶν παλαιμάχων ποδοσφαιριστῶν τοῦ συλλόγου. Εἶναι ἡ διδασκαλία τῆς ἀγγλικῆς γλώσσης ὑπό Ἀμερικανοῦ πρωταθλητοῦ καί καθηγητοῦ ὅστις θά παραμείνῃ εἰς τὴν Ἑλλάδα ἐπ᾽ ἀόριστον χρονικόν διάστημα.

Ὁ «Ἄρης» ἀναμένει σήμερον τό μεσονύκτιον τόν Ἄγγλον προπονητήν τῆς ποδοσφαιρικῆς του ὁμάδος κ. Λές Ἄλλεν, ὁ ὁποῖος ἀναμένεται νά ἀφιχθῇ συνοδευόμενος ἀπό τόν ἀπεσταλμένον εἰς Λονδῖνον σύμβουλον τοῦ συλλόγου. Ὁ κ. Ἄλλεν θά παρακολουθήσῃ τόν αὐριανόν ἀγῶνα τῆς ὁμάδος καί ἀκολούθως θά ἀναλάβῃ τά καθήκοντά του.

Χθές ἀπεκλείσθησαν τελικῶς τῆς «Ὀλυμπιακῆς» ὁμάδος οἱ ποδοσφαιρισταί Παπαϊωάννου καί Σαράφης, οἱ ὁποῖοι δέν θά ἀγωνισθοῦν εἰς τόν αὐριανόν ἀγῶνα.

ΚΑΤΑΝΟΜΗ ΚΑΘΑΡΟΥ ΠΡΟΪΟΝΤΟΣ ΚΡΑΤΙΚΩΝ ΛΑΧΕΙΩΝ
ΕΙΣ ΝΟΜΙΚΑ ΠΡΟΣΩΠΑ ΤΗΣ Β. ΕΛΛΑΔΟΣ ΚΑΙ ΘΕΣΣΑΛΙΑΣ

ΑΘΗΝΑΙ, 5. — Διά πράξεως τοῦ ὑπουργοῦ οἰκονομικῶν κατενεμήθη τό καθαρόν προϊόν τῶν κρατικῶν λαχείων τοῦ ἔτους 1970 εἰς νομικά πρόσωπα τῆς βορείου Ἑλλάδος καί Θεσσαλίας ὡς ἑξῆς:

ΝΟΜΟΣ ΑΤΤΙΚΗΣ: Ἱερός ναός Παλαιοῦ Σκυλιτσίου δι᾽ ὁλοκλήρωσιν 10.000, ἱερός ναός Ἁγίου Γεωργίου Γεωργιανῶν πρός ἀποπεράτωσιν 10.000.

ΝΟΜΟΣ ΘΕΣΣΑΛΟΝΙΚΗΣ: Ἱερός ναός Νέων Μαλγάρων πρός ὁλοκλήρωσιν 15.000, ἑλληνική μέριμνα Θεσσαλονίκης, παιδική στέγη Νέας Εὐκαρπίας, διά τά παιδιά τῶν ἐργαζομένων μητέρων 10.000, νυκτερινά σχολεῖα ἀπόρων ἐργαζομένων παίδων μακεδονικῆς ἑταιρείας 15.000, σύλλογος ἀγωνιστῶν Μακεδονικοῦ Ἀγῶνος «Ὁ Παῦλος Μελᾶς» 10.000, ἱερός ναός Γεννήσεως.

ΠΑΡΕΤΑΘΗ Η ΠΡΟΘΕΣΜΙΑ ΔΙΑ ΤΗΝ ΑΝΑΝΕΩΣΙΝ ΕΞΑΓΩΓΙΚΩΝ ΕΠΩΝΥΜΙΩΝ

ΑΘΗΝΑΙ, 5.— Παρετάθη μέχρι τῆς 31ης Μαρτίου ἡ προθεσμία διά τὴν ἀνανέωσιν τῶν ἐξαγωγικῶν ἐπωνυμιῶν εἰς τά μητρῷα ἐξαγωγέων τῶν ἐπιμελητηρίων. Ἡ ἀπόφασις ἐλήφθη κατόπιν ὑποβολῆς αἰτήματος τῶν ἐπιμελητηρίων.

ΑΜΕΤΑΒΛΗΤΟΝ ΤΟ ΔΕΛΤΙΟΝ ΤΙΜΩΝ ΟΠΩΡΟΛΑΧΑΝΙΚΩΝ

ΑΘΗΝΑΙ, 5.— Ἀμετάβλητον θά παραμείνῃ καί κατά τὴν προσεχῆ ἑβδομάδα τό δελτίον τιμῶν ὀπωρολαχανικῶν, τό ὁποῖον ἐκδίδεται ὑπό τῆς ἀγορανομικῆς ὑπηρεσίας.

ἀποπεράτωσιν τοῦ 15.000, ἱερός ναός Ἁγίου Γεωργίου Ἡλιολούστου διά τὴν ἀποπεράτωσιν τοῦ 15.000.

ΝΟΜΟΣ ΚΟΖΑΝΗΣ: Ἱερός ναός Ἁγίου Νικολάου Φρουρίου δι᾽ ἀποπεράτωσιν 10.000.

ΝΟΜΟΣ ΞΑΝΘΗΣ: Ἱερός ναός Ὑψώσεως Τιμίου Σταυροῦ Θαλασσιᾶς Ξάνθης 15.000, ἱερός ναός Ἁγίου Δημητρίου Κιμερίων δι᾽ ἐπισκευήν στέγης κ.λ.π. 15.000.

ΝΟΜΟΣ ΠΕΛΛΗΣ: Ἱερός ναός Ἁγίων Ἀποστόλων Πέτρου καί Παύλου Γιαννιτσῶν πρός ἀποπεράτωσιν 15.000, ἱερός ναός Λουτροχωρίου Σκύδρας πρός ὁλοκλήρωσιν τοῦ 10.000.

ΝΟΜΟΣ ΠΙΕΡΙΑΣ: Ἱερός ναός Κοιμήσεως Θεοτόκου Μελιαδίου πρός ἀποπεράτωσιν 10.000, ἱερός ναός Προφήτου Ἡλιοῦ Ἄνω Ἀγιάννης πρός ἐπισκευήν τῶν ἐκ τῆς καθιζήσεως ζημιῶν 20.000.

ΝΟΜΟΣ ΣΕΡΡΩΝ: Κοινότης Ποντισμένου διά τὴν ἀνέγερσιν ἡρῴου τοῦ χωρίου Σιμώνος 20.000, κοινότης Καμαρωτοῦ διά τὴν ἀποπεράτωσιν τοῦ ἡρῴου 10.000.

ΝΟΜΟΣ ΤΡΙΚΑΛΩΝ: Ἱερός ναός Ἁγίου Γεωργίου Κουτσικοῦ Καλαμπάκας πρός ἀποπεράτωσιν 10.000, ἱερός ναός Ἁγίου Νικολάου Τρικάλων 15.000.

ΝΟΜΟΣ ΦΛΩΡΙΝΗΣ: Ἱερός ναός Ἁγίου Νικολάου Πρώτης 10.000, ἱερός ναός Ἁγίου Γεωργίου Κέλλης 10.000.

ΑΘΗΝΑΙ, 5. — Διά πράξεως τοῦ ὑπουργοῦ οἰκονομικῶν κατενεμήθη τό καθαρόν προϊόν τῶν κρατικῶν λαχείων τοῦ ἔτους 1970 εἰς νομικά πρόσωπα τῆς βορείου Ἑλλάδος καί Θεσσαλίας ὡς ἑξῆς:

ΝΟΜΟΣ ΑΤΤΙΚΗΣ: Ἱερός ναός Παλαιοῦ Σκυλιτσίου δι᾽ ὁλοκλήρωσιν 10.000, ἱερός ναός Ἁγίου Γεωργίου Γεωργιανῶν πρός ἀποπεράτωσιν 10.000.

ΝΟΜΟΣ ΘΕΣΣΑΛΟΝΙΚΗΣ: Ἱερός ναός Νέων Μαλγάρων πρός ὁλοκλήρωσιν 15.000, ἑλληνική μέριμνα Θεσσαλονίκης, παιδική στέγη Νέας Εὐκαρπίας, διά τά παιδιά τῶν ἐργαζομένων μητέρων 10.000, νυκτερινά σχολεῖα ἀπόρων ἐργαζομένων παίδων μακεδονικῆς ἑταιρείας 15.000, σύλλογος ἀγωνιστῶν Μακεδονικοῦ Ἀγῶνος «Ὁ Παῦλος Μελᾶς» 10.000, ἱερός ναός Γεννήσεως.

ΠΑΡΕΤΑΘΗ Η ΠΡΟΘΕΣΜΙΑ ΔΙΑ ΤΗΝ ΑΝΑΝΕΩΣΙΝ ΕΞΑΓΩΓΙΚΩΝ ΕΠΩΝΥΜΙΩΝ

ΑΘΗΝΑΙ, 5.— Παρετάθη μέχρι τῆς 31ης Μαρτίου ἡ προθεσμία διά τὴν ἀνανέωσιν τῶν ἐξαγωγικῶν ἐπωνυμιῶν εἰς τά μητρῷα ἐξαγωγέων τῶν ἐπιμελητηρίων. Ἡ ἀπόφασις ἐλήφθη κατόπιν ὑποβολῆς αἰτήματος τῶν ἐπιμελητηρίων.

ΑΜΕΤΑΒΛΗΤΟΝ ΤΟ ΔΕΛΤΙΟΝ ΤΙΜΩΝ ΟΠΩΡΟΛΑΧΑΝΙΚΩΝ

ΑΘΗΝΑΙ, 5.— Ἀμετάβλητον θά παραμείνῃ καί κατά τὴν προσεχῆ ἑβδομάδα τό δελτίον τιμῶν ὀπωρολαχανικῶν, τό ὁποῖον ἐκδίδεται ὑπό τῆς ἀγορανομικῆς ὑπηρεσίας.

ἀποπεράτωσιν τοῦ 15.000, ἱερός ναός Ἁγίου Γεωργίου Ἡλιολούστου διά τὴν ἀποπεράτωσιν τοῦ 15.000.

ΝΟΜΟΣ ΚΟΖΑΝΗΣ: Ἱερός ναός Ἁγίου Νικολάου Φρουρίου δι᾽ ἀποπεράτωσιν 10.000.

ΝΟΜΟΣ ΞΑΝΘΗΣ: Ἱερός ναός Ὑψώσεως Τιμίου Σταυροῦ Θαλασσιᾶς Ξάνθης 15.000, ἱερός ναός Ἁγίου Δημητρίου Κιμερίων δι᾽ ἐπισκευήν στέγης κ.λ.π. 15.000.

ΝΟΜΟΣ ΠΕΛΛΗΣ: Ἱερός ναός Ἁγίων Ἀποστόλων Πέτρου καί Παύλου Γιαννιτσῶν πρός ἀποπεράτωσιν 15.000, ἱερός ναός Λουτροχωρίου Σκύδρας πρός ὁλοκλήρωσιν τοῦ 10.000.

Οἱ κερδίζοντες ἀριθμοί τῶν δύο κληρώσεων τοῦ Ἐθνικοῦ Λαχείου
ΑΘΗΝΑΙ, 5.— Κατά τάς δύο ἡμέρας τῆς Γ΄ κληρώσεως τῆς 80ῆς ἐκδόσεως τοῦ Ἐθνικοῦ Λαχείου ἐξῆχθησαν οἱ κάτωθι ἀριθμοί κερδίζοντες:
ΚΕΡΔΗ 3.000 ΔΡΑΧΜΩΝ ΚΑΙ ΑΝΩ
ΑΡΙΘ.	ΔΡΑΧ.	ΑΡΙΘ	ΔΡΑΧ.	ΑΡΙΘ.	ΔΡΑΧ.	ΑΡΙΘ.	ΔΡΑΧ.	ΑΡΙΘ.	ΔΡΑΧ.
1316	5.000	21881	3.000	52925	3.000	81911	3.000	109890	5.000
1544	3.000	21905	5.000	53506	3.000	81956	3.000	111603	3.000
3435	3.000	23193	3.000	54748	3.000	82565	10.000	113620	3.000
5093	10.000	26055	10.000	55823	100.000	83545	5.000	113911	10.000
5775	3.000	28082	3.000	57734	5.000	84805	10.000	114859	3.000
7264	3.000	28484	5.000	58752	3.000	86079	3.000	116250	3.000
7313	3.000	29192	5.000	58810	100.000	86263	3.000	116405	200.000
7360	3.000	29946	3.000	59007	3.000	88670	3.000	117226	3.000
7567	3.000	30686	5.000	59462	3.000	89423	20.000	117937	3.000
8395	3.000	32200	10.000	59562	5.000	90277	10.000	118358	3.000
8607	3.000	32362	10.000	63496	20.000	90327	20.000	120748	3.000
8898	10.000	33474	3.000	63750	3.000	90785	3.000	120964	3.000
10541	3.000	33572	3.000	64679	3.000	91409	3.000	121412	20.000
10655	5.000	34027	10.000	65534	20.000	91719	3.000	121485	3.000
11250	3.000	34563	3.000	67249	3.000	92541	5.000	122710	3.000
12330	5.000	34592	3.000	67572	3.000	93130	3.000	123706	5.000
13358	3.000	34907	10.000	67659	3.000	95861	3.000	124474	3.000
14022	3.000	34917	5.000	68131	5.000	96024	3.000	124948	3.000
14609	5.000	35142	3.000	68323	3.000	97548	5.000	125382	3.000
14873	3.000	35836	5.000	68767	3.000	97728	3.000	126110	10.000
15333	3.000	36216	3.000	69056	3.000	98732	20.000	126668	5.000
15414	3.000	36231	3.000	69070	3.000	99445	3.000	126730	3.000
16434	20.000	38233	3.000	69132	3.000	99726	3.000	127426	10.000
16448	3.000	38904	10.000	70297	3.000	100559	3.000	127780	3.000
17272	3.000	38930	3.000	70676	3.000	101227	5.000	128427	3.000
17626	3.000	39510	3.000	71028	3.000	102048	3.000	128693	3.000
17740	3.000	40498	5.000	71231	5.000	105302	3.000	130668	3.000
18664	50.000	40718	50.000	71414	3.000	106621	5.000		
18693	3.000	41863	1.000.000	71627	3.000	106978			
18861	5.000	42195	50.000	71847	20.000	106979			
18878	50.000	42593	3.000	72684	3.000	107335			
19488	3.000	43757	5.000	73742	3.000	108044			
19924	3.000	44015	3.000	74483	3.000	108563			
19931	20.000	46233	3.000	76312	3.000	108613			
20033	10.000	47332	3.000	77448	5.000	108669			
21412	3.000	52707	3.000	80383	30.000	109371	3.000	137740	3.000
ΚΕΡΔΗ 1200 ΔΡΑΧΜΩΝ
71 274 293 359 420 555 659 665 824 836 841 862 878 929 970 979
1020 43 102 270 279 280 315 393 438 451 459 468 634 687 688 710 725 750
2150 167 251 450 491 529 577 584 596 702 755 766 781 785 956
3068 72 190 221 320 375 424 492 537 628 640 647 653 694 776 790 868
4022 154 197 282 305 426 493 508 526 564 608 646
71 274 293 359 420 555 659 665 824 836 841 862 878 929 970 979
1020 43 102 270 279 280 315 393 438 451 459 468 634 687 688 710 725 750
2150 167 251 450 491 529 577 584 596 702 755 766 781 785 956
3068 72 190 221 320 375 424 492 537 628 640 647 653 694 776 790 868
4022 154 197 282 305 426 493 508 526 564 608 646
71 274 293 359 420 555 659 665 824 836 841 862 878 929 970 979
1020 43 102 270 279 280 315 393 438 451 459 468 634 687 688 710 725 750
2150 167 251 450 491 529 577 584 596 702 755 766 781 785 956
3068 72 190 221 320 375 424 492 537 628 640 647 653 694 776 790 868
4022 154 197 282 305 426 493 508 526 564 608 646
71 274 293 359 420 555 659 665 824 836 841 862 878 929 970 979
1020 43 102 270 279 280 315 393 438 451 459 468 634 687 688 710 725 750
2150 167 251 450 491 529 577 584 596 702 755 766 781 785 956
3068 72 190 221 320 375 424 492 537 628 640 647 653 694 776 790 868
4022 154 197 282 305 426 493 508 526 564 608 646
71 274 293 359 420 555 659 665 824 836 841 862 878 929 970 979
22002 83 212 250 277 565 773 775 813 827 828 942
23059 82 83 97 160 196 218 228 359 400 502 706 876 902 913 936 944
24010 56 80 109 148 200 280 349 365 491 501 789 808 888 951
25065 66 70 85 167 275 351 382 404 820 847
26033 173 191 304 338 345 346 430 465 526 614
22002 83 212 250 277 565 773 775 813 827 828 942
23059 82 83 97 160 196 218 228 359 400 502 706 876 902 913 936 944
24010 56 80 109 148 200 280 349 365 491 501 789 808 888 951
25065 66 70 85 167 275 351 382 404 820 847
26033 173 191 304 338 345 346 430 465 526 614
22002 83 212 250 277 565 773 775 813 827 828 942
23059 82 83 97 160 196 218 228 359 400 502 706 876 902 913 936 944
24010 56 80 109 148 200 280 349 365 491 501 789 808 888 951
25065 66 70 85 167 275 351 382 404 820 847
26033 173 191 304 338 345 346 430 465 526 614
22002 83 212 250 277 565 773 775 813 827 828 942
23059 82 83 97 160 196 218 228 359 400 502 706 876 902 913 936 944
24010 56 80 109 148 200 280 349 365 491 501 789 808 888 951
25065 66 70 85 167 275 351 382 404 820 847
26033 173 191 304 338 345 346 430 465 526 614
22002 83 212 250 277 565 773 775 813 827 828 942
23059 82 83 97 160 196 218 228 359 400 502 706 876 902 913 936 944
24010 56 80 109 148 200 280 349 365 491 501 789 808 888 951
25065 66 70 85 167 275 351 382 404 820 847
26033 173 191 304 338 345 346 430 465 526 614
22002 83 212 250 277 565 773 775 813 827 828 942
44016 50 63 125 213 293 325 361 449 458 503 557 560 582 676 701 705 745 748 857 892 931 966 967 970
45055 168 202 235 252 308 324 365 455 492 581 659 753 912 918 919 961 974
46027 48 93 186 196 248 255 280 287 336 468 537 541 609 615 640 694 750 803 807 922 947 955 970
47041 73 118 369 518 565 745 810 818 820 915
48051 104 245 252 463 481 534 587 623 630 721 783 946
49027 142 170 213 380 399 450 505 545 617 639 730 863 877
50105 228 256 316 320 338 367 379 383 436 506 687 689 727 741 782 790 874 890 920
51079 270 282 361 363 505 519 520 558 582 606 819 913
52012 150 229 251 323 334 493 527 528 556 565 572 666 736 792 810 892 920 966
53068 101 126 234 291 293 318 338 360 388 390 399 430 628 644 655 688 875 884 943
54134 153 263 306 318 351 427 661 671 726 749 756 760 819 842 854 858 891 966
55011 32 71 396 400 437 455 539 652 707 946
44016 50 63 125 213 293 325 361 449 458 503 557 560 582 676 701 705 745 748 857 892 931 966 967 970
45055 168 202 235 252 308 324 365 455 492 581 659 753 912 918 919 961 974
46027 48 93 186 196 248 255 280 287 336 468 537 541 609 615 640 694 750 803 807 922 947 955 970
47041 73 118 369 518 565 745 810 818 820 915
48051 104 245 252 463 481 534 587 623 630 721 783 946
49027 142 170 213 380 399 450 505 545 617 639 730 863 877
50105 228 256 316 320 338 367 379 383 436 506 687 689 727 741 782 790 874 890 920
51079 270 282 361 363 505 519 520 558 582 606 819 913
52012 150 229 251 323 334 493 527 528 556 565 572 666 736 792 810 892 920 966
53068 101 126 234 291 293 318 338 360 388 390 399 430 628 644 655 688 875 884 943
54134 153 263 306 318 351 427 661 671 726 749 756 760 819 842 854 858 891 966
55011 32 71 396 400 437 455 539 652 707 946
44016 50 63 125 213 293 325 361 449 458 503 557 560 582 676 701 705 745 748 857 892 931 966 967 970
45055 168 202 235 252 308 324 365 455 492 581 659 753 912 918 919 961 974
46027 48 93 186 196 248 255 280 287 336 468 537 541 609 615 640 694 750 803 807 922 947 955 970
47041 73 118 369 518 565 745 810 818 820 915
48051 104 245 252 463 481 534 587 623 630 721 783 946
49027 142 170 213 380 399 450 505 545 617 639 730 863 877
50105 228 256 316 320 338 367 379 383 436 506 687 689 727 741 782 790 874 890 920
51079 270 282 361 363 505 519 520 558 582 606 819 913
52012 150 229 251 323 334 493 527 528 556 565 572 666 736 792 810 892 920 966
53068 101 126 234 291 293 318 338 360 388 390 399 430 628 644 655 688 875 884 943
54134 153 263 306 318 351 427 661 671 726 749 756 760 819 842 854 858 891 966
55011 32 71 396 400 437 455 539 652 707 946
44016 50 63 125 213 293 325 361 449 458 503 557 560 582 676 701 705 745 748 857 892 931 966 967 970
45055 168 202 235 252 308 324 365 455 492 581 659 753 912 918 919 961 974
46027 48 93 186 196 248 255 280 287 336 468 537 541 609 615 640 694 750 803 807 922 947 955 970
47041 73 118 369 518 565 745 810 818 820 915
48051 104 245 252 463 481 534 587 623 630 721 783 946
49027 142 170 213 380 399 450 505 545 617 639 730 863 877
50105 228 256 316 320 338 367 379 383 436 506 687 689 727 741 782 790 874 890 920
51079 270 282 361 363 505 519 520 558 582 606 819 913
52012 150 229 251 323 334 493 527 528 556 565 572 666 736 792 810 892 920 966
53068 101 126 234 291 293 318 338 360 388 390 399 430 628 644 655 688 875 884 943
54134 153 263 306 318 351 427 661 671 726 749 756 760 819 842 854 858 891 966
55011 32 71 396 400 437 455 539 652 707 946
44016 50 63 125 213 293 325 361 449 458 503 557 560 582 676 701 705 745 748 857 892 931 966 967 970
45055 168 202 235 252 308 324 365 455 492 581 659 753 912 918 919 961 974
92092 195 231 298 417 457 531 595 640 719 760 811 850 857 931 950
93040 184 200 348 426 500 578 714 848
94003 51 193 310 391 448 494 522 563 629 706 789 794 853 926 998
95012 156 165 187 197 200 218 271 325 527 628 661 724 787 817 940 963
96127 171 191 272 307 370 404 444 531 544 570 595 599 791 801 951 964
97096 16 36 75 228 209 236 368 372 483 528 646 686 693 864 908 936 975
98038 73 111 273 358 361 548 560 612 614 660 664 702 828 917
99213 243 300 412 459 552 606 682 728 756 787 828 829 867 909
100111 181 253 267 293 310 432 505 698 704 709 716 744 775 931 936 949 955
101022 128 139 230 508 527 538 562 605 875 883 913 981
102006 78 117 205 216 246 325 366 465 547 658 818 896 901 940 968 979 990 999
103015 237 252 337 347 376 402 431 497 498 513 538
92092 195 231 298 417 457 531 595 640 719 760 811 850 857 931 950
93040 184 200 348 426 500 578 714 848
94003 51 193 310 391 448 494 522 563 629 706 789 794 853 926 998
95012 156 165 187 197 200 218 271 325 527 628 661 724 787 817 940 963
96127 171 191 272 307 370 404 444 531 544 570 595 599 791 801 951 964
97096 16 36 75 228 209 236 368 372 483 528 646 686 693 864 908 936 975
98038 73 111 273 358 361 548 560 612 614 660 664 702 828 917
99213 243 300 412 459 552 606 682 728 756 787 828 829 867 909
100111 181 253 267 293 310 432 505 698 704 709 716 744 775 931 936 949 955
101022 128 139 230 508 527 538 562 605 875 883 913 981
102006 78 117 205 216 246 325 366 465 547 658 818 896 901 940 968 979 990 999
103015 237 252 337 347 376 402 431 497 498 513 538
92092 195 231 298 417 457 531 595 640 719 760 811 850 857 931 950
93040 184 200 348 426 500 578 714 848
94003 51 193 310 391 448 494 522 563 629 706 789 794 853 926 998
95012 156 165 187 197 200 218 271 325 527 628 661 724 787 817 940 963
96127 171 191 272 307 370 404 444 531 544 570 595 599 791 801 951 964
97096 16 36 75 228 209 236 368 372 483 528 646 686 693 864 908 936 975
98038 73 111 273 358 361 548 560 612 614 660 664 702 828 917
99213 243 300 412 459 552 606 682 728 756 787 828 829 867 909
100111 181 253 267 293 310 432 505 698 704 709 716 744 775 931 936 949 955
101022 128 139 230 508 527 538 562 605 875 883 913 981
102006 78 117 205 216 246 325 366 465 547 658 818 896 901 940 968 979 990 999
103015 237 252 337 347 376 402 431 497 498 513 538
92092 195 231 298 417 457 531 595 640 719 760 811 850 857 931 950
93040 184 200 348 426 500 578 714 848
94003 51 193 310 391 448 494 522 563 629 706 789 794 853 926 998
95012 156 165 187 197 200 218 271 325 527 628 661 724 787 817 940 963
96127 171 191 272 307 370 404 444 531 544 570 595 599 791 801 951 964
97096 16 36 75 228 209 236 368 372 483 528 646 686 693 864 908 936 975
98038 73 111 273 358 361 548 560 612 614 660 664 702 828 917
99213 243 300 412 459 552 606 682 728 756 787 828 829 867 909
100111 181 253 267 293 310 432 505 698 704 709 716 744 775 931 936 949 955
101022 128 139 230 508 527 538 562 605 875 883 913 981
102006 78 117 205 216 246 325 366 465 547 658 818 896 901 940 968 979 990 999
103015 237 252 337 347 376 402 431 497 498 513 538
92092 195 231 298 417 457 531 595 640 719 760 811 850 857 931 950
